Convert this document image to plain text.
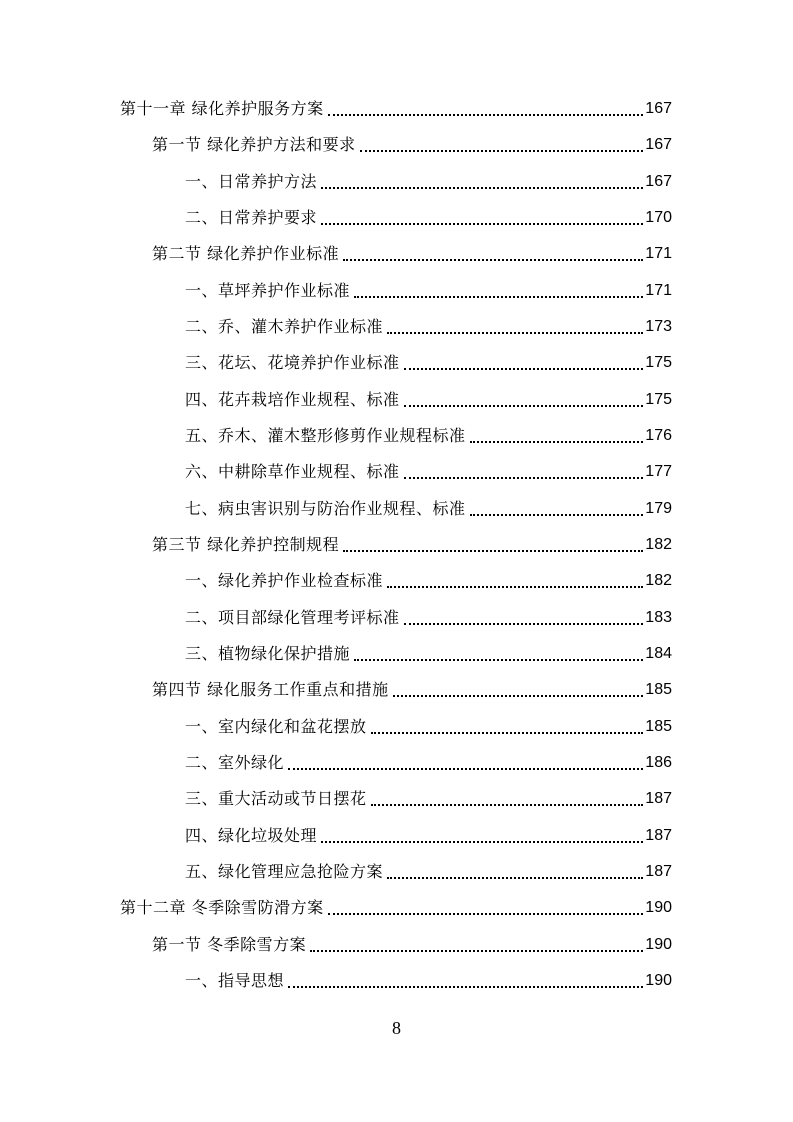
第十一章 绿化养护服务方案	167
第一节 绿化养护方法和要求	167
一、日常养护方法	167
二、日常养护要求	170
第二节 绿化养护作业标准	171
一、草坪养护作业标准	171
二、乔、灌木养护作业标准	173
三、花坛、花境养护作业标准	175
四、花卉栽培作业规程、标准	175
五、乔木、灌木整形修剪作业规程标准	176
六、中耕除草作业规程、标准	177
七、病虫害识别与防治作业规程、标准	179
第三节 绿化养护控制规程	182
一、绿化养护作业检查标准	182
二、项目部绿化管理考评标准	183
三、植物绿化保护措施	184
第四节 绿化服务工作重点和措施	185
一、室内绿化和盆花摆放	185
二、室外绿化	186
三、重大活动或节日摆花	187
四、绿化垃圾处理	187
五、绿化管理应急抢险方案	187
第十二章 冬季除雪防滑方案	190
第一节 冬季除雪方案	190
一、指导思想	190
8
